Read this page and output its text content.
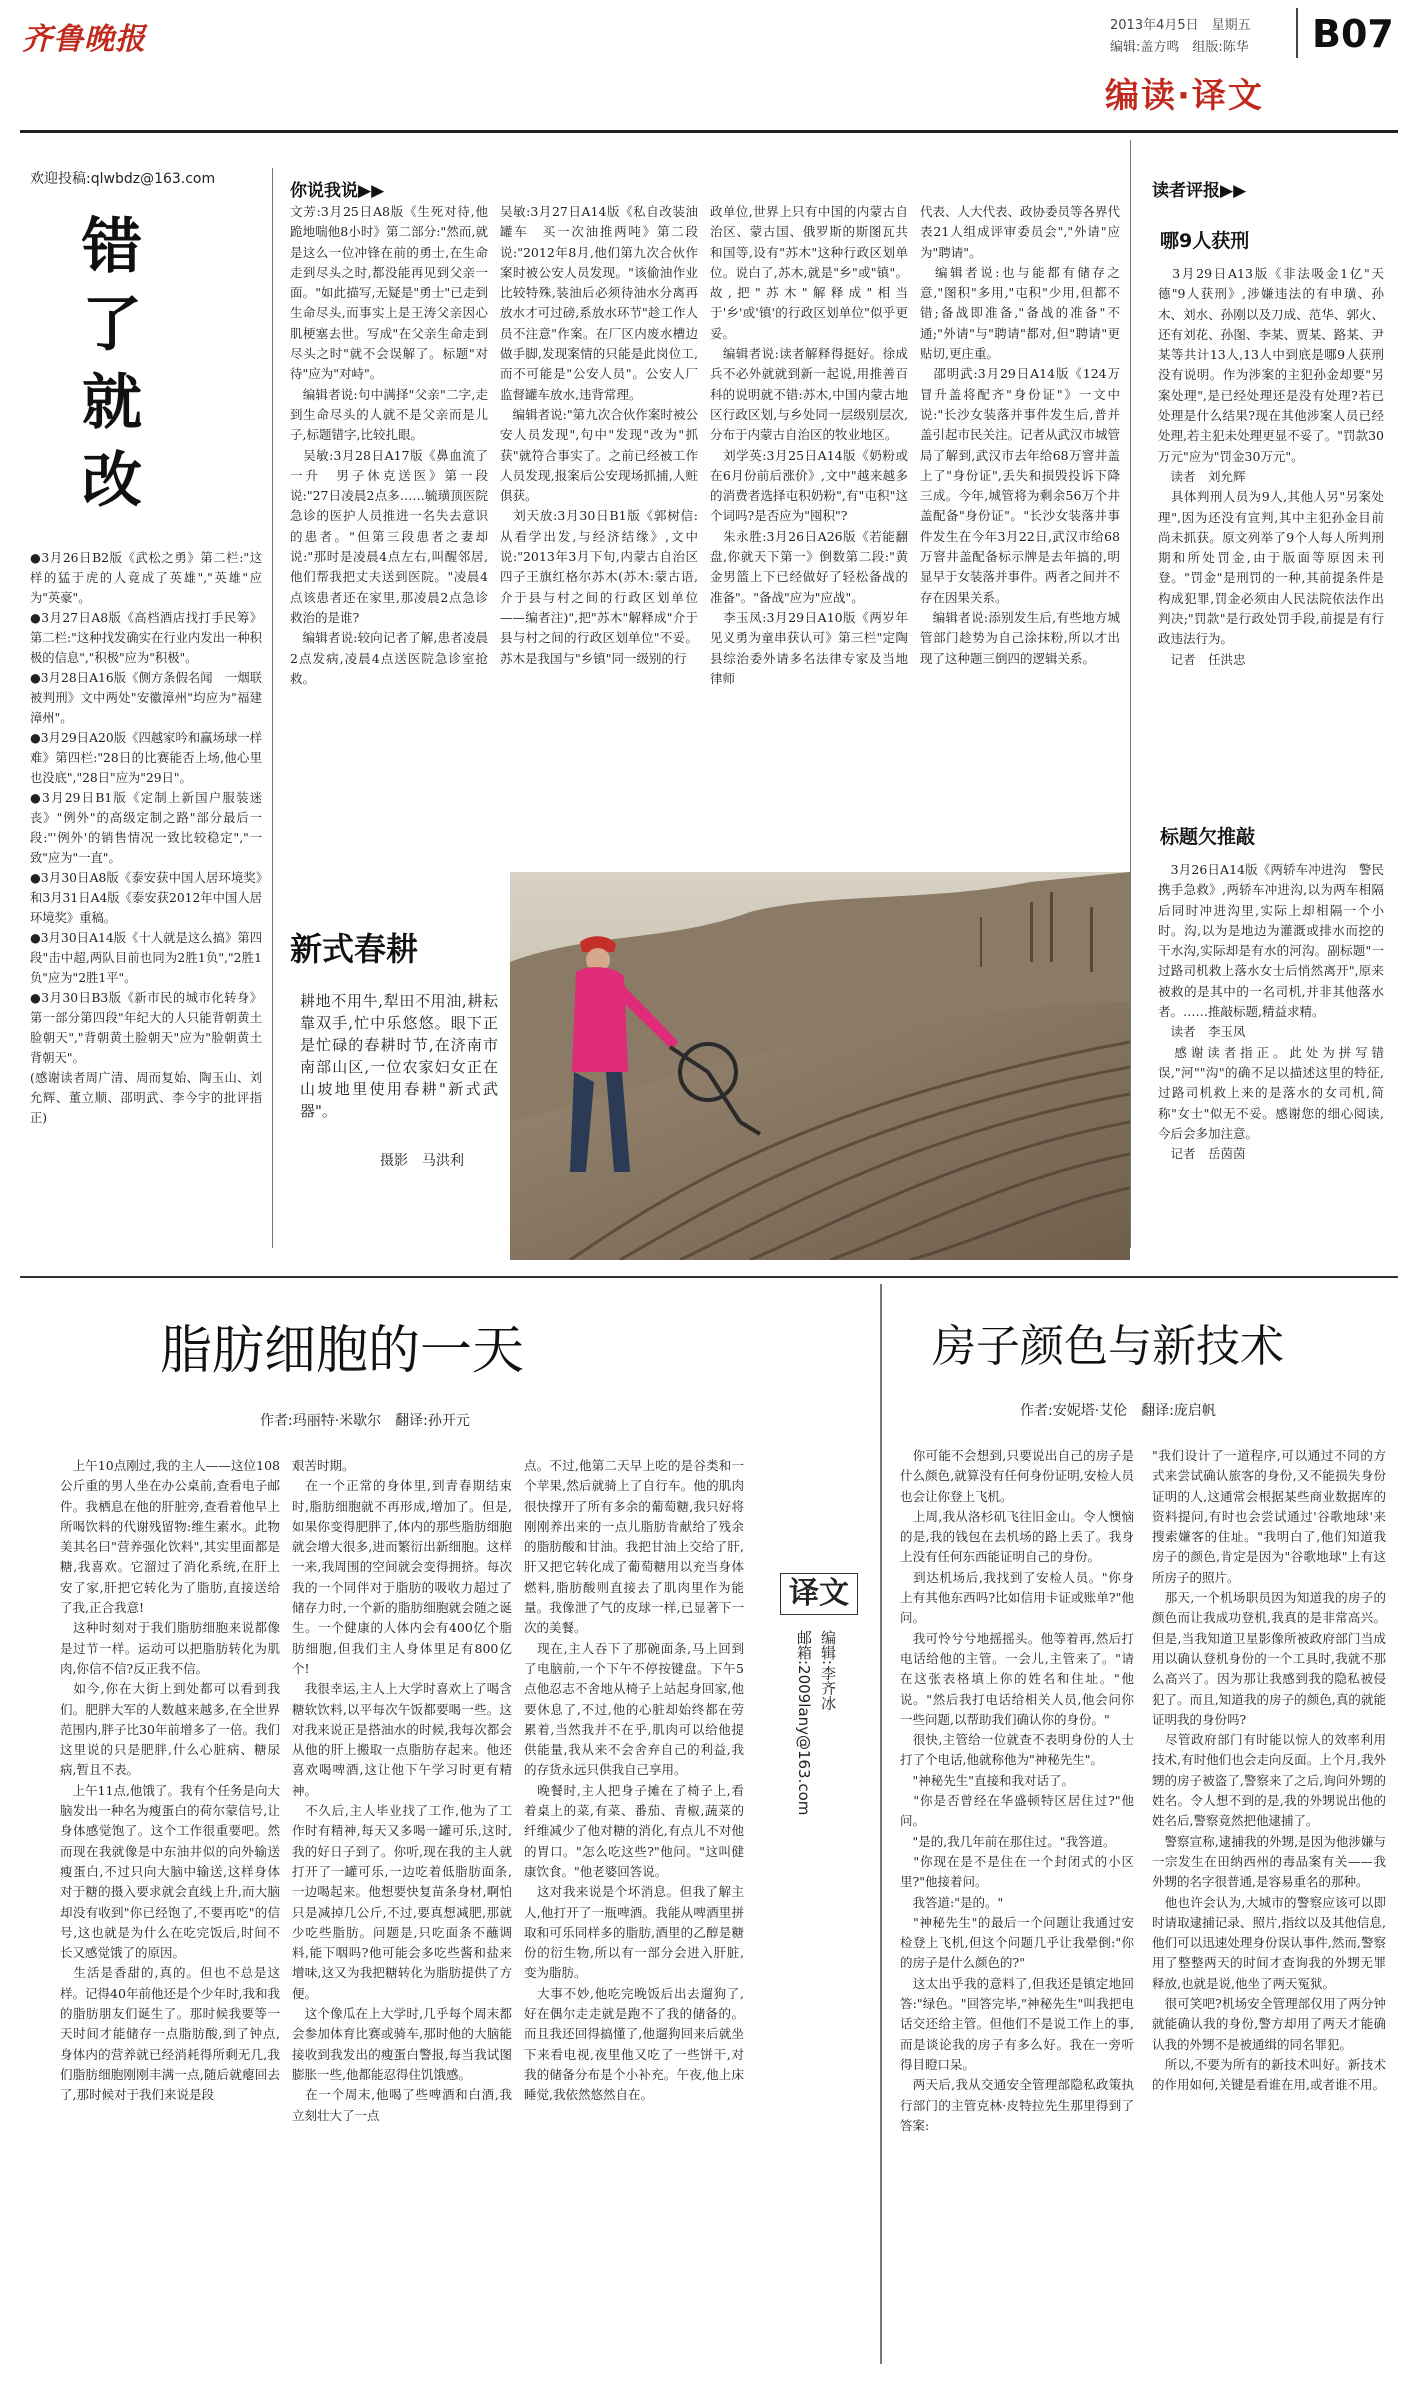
齐鲁晚报	2013年4月5日　星期五
编辑:盖方鸣　组版:陈华 B07
编读·译文
欢迎投稿:qlwbdz@163.com
错了
就改
●3月26日B2版《武松之勇》第二栏:"这样的猛于虎的人竟成了英雄","英雄"应为"英豪"。
●3月27日A8版《高档酒店找打手民筹》第二栏:"这种找发确实在行业内发出一种积极的信息","积极"应为"积极"。
●3月28日A16版《侧方条假名闻　一烟联被判刑》文中两处"安徽漳州"均应为"福建漳州"。
●3月29日A20版《四越家吟和赢场球一样难》第四栏:"28日的比赛能否上场,他心里也没底","28日"应为"29日"。
●3月29日B1版《定制上新国户服装迷丧》"例外"的高级定制之路"部分最后一段:"'例外'的销售情况一致比较稳定","一致"应为"一直"。
●3月30日A8版《泰安获中国人居环境奖》和3月31日A4版《泰安获2012年中国人居环境奖》重稿。
●3月30日A14版《十人就是这么搞》第四段"击中超,两队目前也同为2胜1负","2胜1负"应为"2胜1平"。
●3月30日B3版《新市民的城市化转身》第一部分第四段"年纪大的人只能背朝黄土脸朝天","背朝黄土脸朝天"应为"脸朝黄土背朝天"。
(感谢读者周广清、周而复始、陶玉山、刘允辉、董立顺、邵明武、李今宇的批评指正)
你说我说▶▶
文芳:3月25日A8版《生死对待,他跪地喘他8小时》第二部分:"然而,就是这么一位冲锋在前的勇士,在生命走到尽头之时,都没能再见到父亲一面。"如此描写,无疑是"勇士"已走到生命尽头,而事实上是王涛父亲因心肌梗塞去世。写成"在父亲生命走到尽头之时"就不会误解了。标题"对待"应为"对峙"。
　编辑者说:句中满择"父亲"二字,走到生命尽头的人就不是父亲而是儿子,标题错字,比较扎眼。
　吴敏:3月28日A17版《鼻血流了一升　男子休克送医》第一段说:"27日凌晨2点多……毓璜顶医院急诊的医护人员推进一名失去意识的患者。"但第三段患者之妻却说:"那时是凌晨4点左右,叫醒邻居,他们帮我把丈夫送到医院。"凌晨4点该患者还在家里,那凌晨2点急诊救治的是谁?
　编辑者说:较向记者了解,患者凌晨2点发病,凌晨4点送医院急诊室抢救。
吴敏:3月27日A14版《私自改装油罐车　买一次油推两吨》第二段说:"2012年8月,他们第九次合伙作案时被公安人员发现。"该偷油作业比较特殊,装油后必须待油水分离再放水才可过磅,系放水环节"趁工作人员不注意"作案。在厂区内废水槽边做手脚,发现案情的只能是此岗位工,而不可能是"公安人员"。公安人厂监督罐车放水,违背常理。
　编辑者说:"第九次合伙作案时被公安人员发现",句中"发现"改为"抓获"就符合事实了。之前已经被工作人员发现,报案后公安现场抓捕,人赃俱获。
　刘天放:3月30日B1版《郭树信:从看学出发,与经济结缘》,文中说:"2013年3月下旬,内蒙古自治区四子王旗红格尔苏木(苏木:蒙古语,介于县与村之间的行政区划单位——编者注)",把"苏木"解释成"介于县与村之间的行政区划单位"不妥。苏木是我国与"乡镇"同一级别的行
政单位,世界上只有中国的内蒙古自治区、蒙古国、俄罗斯的斯图瓦共和国等,设有"苏木"这种行政区划单位。说白了,苏木,就是"乡"或"镇"。故,把"苏木"解释成"相当于'乡'或'镇'的行政区划单位"似乎更妥。
　编辑者说:读者解释得挺好。徐成兵不必外就就到新一起说,用推善百科的说明就不错:苏木,中国内蒙古地区行政区划,与乡处同一层级别层次,分布于内蒙古自治区的牧业地区。
　刘学英:3月25日A14版《奶粉或在6月份前后涨价》,文中"越来越多的消费者选择屯积奶粉",有"屯积"这个词吗?是否应为"囤积"?
　朱永胜:3月26日A26版《若能翻盘,你就天下第一》倒数第二段:"黄金男篮上下已经做好了轻松备战的准备"。"备战"应为"应战"。
　李玉凤:3月29日A10版《两岁年见义勇为童串获认可》第三栏"定陶县综治委外请多名法律专家及当地律师
代表、人大代表、政协委员等各界代表21人组成评审委员会","外请"应为"聘请"。
　编辑者说:也与能都有储存之意,"图积"多用,"屯积"少用,但都不错;备战即准备,"备战的准备"不通;"外请"与"聘请"都对,但"聘请"更贴切,更庄重。
　邵明武:3月29日A14版《124万冒升盖将配齐"身份证"》一文中说:"长沙女装落并事件发生后,普并盖引起市民关注。记者从武汉市城管局了解到,武汉市去年给68万窨井盖上了"身份证",丢失和损毁投诉下降三成。今年,城管将为剩余56万个井盖配备"身份证"。"长沙女装落井事件发生在今年3月22日,武汉市给68万窨井盖配备标示牌是去年搞的,明显早于女装落并事件。两者之间并不存在因果关系。
　编辑者说:添别发生后,有些地方城管部门趁势为自己涂抹粉,所以才出现了这种题三倒四的逻辑关系。
新式春耕
耕地不用牛,犁田不用油,耕耘靠双手,忙中乐悠悠。眼下正是忙碌的春耕时节,在济南市南部山区,一位农家妇女正在山坡地里使用春耕"新式武器"。
摄影　马洪利
读者评报▶▶
哪9人获刑
　3月29日A13版《非法吸金1亿"天德"9人获刑》,涉嫌违法的有申璜、孙木、刘水、孙刚以及刀成、范华、郭火、还有刘花、孙图、李某、贾某、路某、尹某等共计13人,13人中到底是哪9人获刑没有说明。作为涉案的主犯孙金却要"另案处理",是已经处理还是没有处理?若已处理是什么结果?现在其他涉案人员已经处理,若主犯未处理更显不妥了。"罚款30万元"应为"罚金30万元"。
　读者　刘允辉
　具体判刑人员为9人,其他人另"另案处理",因为还没有宣判,其中主犯孙金目前尚未抓获。原文列举了9个人每人所判刑期和所处罚金,由于版面等原因未刊登。"罚金"是刑罚的一种,其前提条件是构成犯罪,罚金必须由人民法院依法作出判决;"罚款"是行政处罚手段,前提是有行政违法行为。
　记者　任洪忠
标题欠推敲
　3月26日A14版《两轿车冲进沟　警民携手急救》,两轿车冲进沟,以为两车相隔后同时冲进沟里,实际上却相隔一个小时。沟,以为是地边为灌溉或排水而挖的干水沟,实际却是有水的河沟。副标题"一过路司机救上落水女士后悄然离开",原来被救的是其中的一名司机,并非其他落水者。……推敲标题,精益求精。
　读者　李玉凤
　感谢读者指正。此处为拼写错误,"河""沟"的确不足以描述这里的特征,过路司机救上来的是落水的女司机,简称"女士"似无不妥。感谢您的细心阅读,今后会多加注意。
　记者　岳茵茵
脂肪细胞的一天
作者:玛丽特·米歇尔　翻译:孙开元
　上午10点刚过,我的主人——这位108公斤重的男人坐在办公桌前,查看电子邮件。我栖息在他的肝脏旁,查看着他早上所喝饮料的代谢残留物:维生素水。此物美其名曰"营养强化饮料",其实里面都是糖,我喜欢。它溜过了消化系统,在肝上安了家,肝把它转化为了脂肪,直接送给了我,正合我意!
　这种时刻对于我们脂肪细胞来说都像是过节一样。运动可以把脂肪转化为肌肉,你信不信?反正我不信。
　如今,你在大街上到处都可以看到我们。肥胖大军的人数越来越多,在全世界范围内,胖子比30年前增多了一倍。我们这里说的只是肥胖,什么心脏病、糖尿病,暂且不表。
　上午11点,他饿了。我有个任务是向大脑发出一种名为瘦蛋白的荷尔蒙信号,让身体感觉饱了。这个工作很重要吧。然而现在我就像是中东油井似的向外输送瘦蛋白,不过只向大脑中输送,这样身体对于糖的摄入要求就会直线上升,而大脑却没有收到"你已经饱了,不要再吃"的信号,这也就是为什么在吃完饭后,时间不长又感觉饿了的原因。
　生活是香甜的,真的。但也不总是这样。记得40年前他还是个少年时,我和我的脂肪朋友们诞生了。那时候我要等一天时间才能储存一点脂肪酸,到了钟点,身体内的营养就已经消耗得所剩无几,我们脂肪细胞刚刚丰满一点,随后就瘪回去了,那时候对于我们来说是段
艰苦时期。
　在一个正常的身体里,到青春期结束时,脂肪细胞就不再形成,增加了。但是,如果你变得肥胖了,体内的那些脂肪细胞就会增大很多,进而繁衍出新细胞。这样一来,我周围的空间就会变得拥挤。每次我的一个同伴对于脂肪的吸收力超过了储存力时,一个新的脂肪细胞就会随之诞生。一个健康的人体内会有400亿个脂肪细胞,但我们主人身体里足有800亿个!
　我很幸运,主人上大学时喜欢上了喝含糖软饮料,以平每次午饭都要喝一些。这对我来说正是搭油水的时候,我每次都会从他的肝上搬取一点脂肪存起来。他还喜欢喝啤酒,这让他下午学习时更有精神。
　不久后,主人毕业找了工作,他为了工作时有精神,每天又多喝一罐可乐,这时,我的好日子到了。你听,现在我的主人就打开了一罐可乐,一边吃着低脂肪面条,一边喝起来。他想要快复苗条身材,啊怕只是减掉几公斤,不过,要真想减肥,那就少吃些脂肪。问题是,只吃面条不蘸调料,能下咽吗?他可能会多吃些酱和盐来增味,这又为我把糖转化为脂肪提供了方便。
　这个像瓜在上大学时,几乎每个周末都会参加体育比赛或骑车,那时他的大脑能接收到我发出的瘦蛋白警报,每当我试图膨胀一些,他都能忍得住饥饿感。
　在一个周末,他喝了些啤酒和白酒,我立刻壮大了一点
点。不过,他第二天早上吃的是谷类和一个苹果,然后就骑上了自行车。他的肌肉很快撑开了所有多余的葡萄糖,我只好将刚刚养出来的一点儿脂肪肯献给了残余的脂肪酸和甘油。我把甘油上交给了肝,肝又把它转化成了葡萄糖用以充当身体燃料,脂肪酸则直接去了肌肉里作为能量。我像泄了气的皮球一样,已显著下一次的美餐。
　现在,主人吞下了那碗面条,马上回到了电脑前,一个下午不停按键盘。下午5点他忍志不舍地从椅子上站起身回家,他要休息了,不过,他的心脏却始终都在劳累着,当然我并不在乎,肌肉可以给他提供能量,我从来不会舍弃自己的利益,我的存货永远只供我自己享用。
　晚餐时,主人把身子摊在了椅子上,看着桌上的菜,有菜、番茄、青椒,蔬菜的纤维减少了他对糖的消化,有点儿不对他的胃口。"怎么吃这些?"他问。"这叫健康饮食。"他老婆回答说。
　这对我来说是个坏消息。但我了解主人,他打开了一瓶啤酒。我能从啤酒里拼取和可乐同样多的脂肪,酒里的乙醇是糖份的衍生物,所以有一部分会进入肝脏,变为脂肪。
　大事不妙,他吃完晚饭后出去遛狗了,好在偶尔走走就是跑不了我的储备的。而且我还回得搞懂了,他遛狗回来后就坐下来看电视,夜里他又吃了一些饼干,对我的储备分布是个小补充。午夜,他上床睡觉,我依然悠然自在。
译文
编辑:李齐冰
邮箱:2009lany@163.com
房子颜色与新技术
作者:安妮塔·艾伦　翻译:庞启帆
　你可能不会想到,只要说出自己的房子是什么颜色,就算没有任何身份证明,安检人员也会让你登上飞机。
　上周,我从洛杉矶飞往旧金山。令人懊恼的是,我的钱包在去机场的路上丢了。我身上没有任何东西能证明自己的身份。
　到达机场后,我找到了安检人员。"你身上有其他东西吗?比如信用卡证或账单?"他问。
　我可怜兮兮地摇摇头。他等着再,然后打电话给他的主管。一会儿,主管来了。"请在这张表格填上你的姓名和住址。"他说。"然后我打电话给相关人员,他会问你一些问题,以帮助我们确认你的身份。"
　很快,主管给一位就查不表明身份的人士打了个电话,他就称他为"神秘先生"。
　"神秘先生"直接和我对话了。
　"你是否曾经在华盛顿特区居住过?"他问。
　"是的,我几年前在那住过。"我答道。
　"你现在是不是住在一个封闭式的小区里?"他接着问。
　我答道:"是的。"
　"神秘先生"的最后一个问题让我通过安检登上飞机,但这个问题几乎让我晕倒:"你的房子是什么颜色的?"
　这太出乎我的意料了,但我还是镇定地回答:"绿色。"回答完毕,"神秘先生"叫我把电话交还给主管。但他们不是说工作上的事,而是谈论我的房子有多么好。我在一旁听得目瞪口呆。
　两天后,我从交通安全管理部隐私政策执行部门的主管克林·皮特拉先生那里得到了答案:
"我们设计了一道程序,可以通过不同的方式来尝试确认旅客的身份,又不能损失身份证明的人,这通常会根据某些商业数据库的资料提问,有时也会尝试通过'谷歌地球'来搜索嫌客的住址。"我明白了,他们知道我房子的颜色,肯定是因为"谷歌地球"上有这所房子的照片。
　那天,一个机场职员因为知道我的房子的颜色而让我成功登机,我真的是非常高兴。但是,当我知道卫星影像所被政府部门当成用以确认登机身份的一个工具时,我就不那么高兴了。因为那让我感到我的隐私被侵犯了。而且,知道我的房子的颜色,真的就能证明我的身份吗?
　尽管政府部门有时能以惊人的效率利用技术,有时他们也会走向反面。上个月,我外甥的房子被盗了,警察来了之后,询问外甥的姓名。令人想不到的是,我的外甥说出他的姓名后,警察竟然把他逮捕了。
　警察宣称,逮捕我的外甥,是因为他涉嫌与一宗发生在田纳西州的毒品案有关——我外甥的名字很普通,是容易重名的那种。
　他也许会认为,大城市的警察应该可以即时请取逮捕记录、照片,指纹以及其他信息,他们可以迅速处理身份误认事件,然而,警察用了整整两天的时间才查询我的外甥无罪释放,也就是说,他坐了两天冤狱。
　很可笑吧?机场安全管理部仅用了两分钟就能确认我的身份,警方却用了两天才能确认我的外甥不是被通缉的同名罪犯。
　所以,不要为所有的新技术叫好。新技术的作用如何,关键是看谁在用,或者谁不用。
